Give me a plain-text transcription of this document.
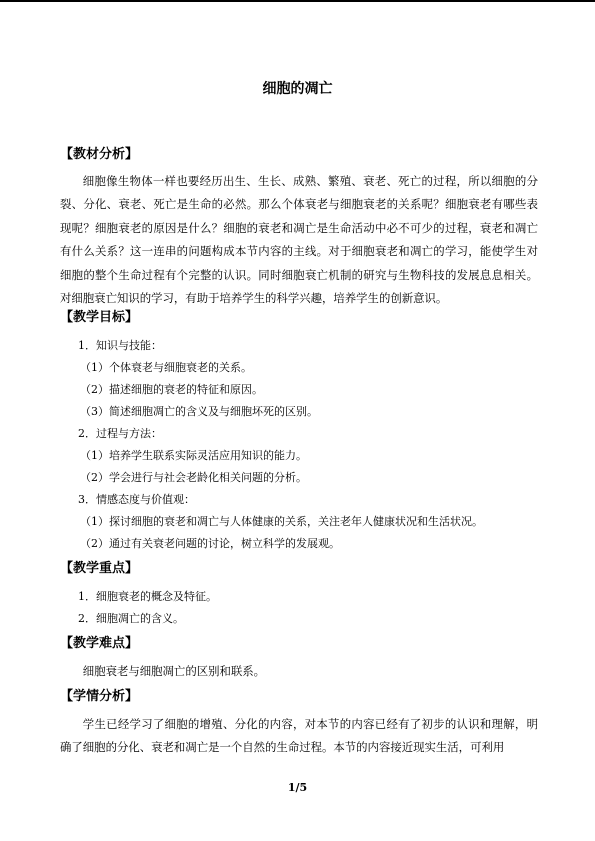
细胞的凋亡
【教材分析】

细胞像生物体一样也要经历出生、生长、成熟、繁殖、衰老、死亡的过程，所以细胞的分裂、分化、衰老、死亡是生命的必然。那么个体衰老与细胞衰老的关系呢？细胞衰老有哪些表现呢？细胞衰老的原因是什么？细胞的衰老和凋亡是生命活动中必不可少的过程，衰老和凋亡有什么关系？这一连串的问题构成本节内容的主线。对于细胞衰老和凋亡的学习，能使学生对细胞的整个生命过程有个完整的认识。同时细胞衰亡机制的研究与生物科技的发展息息相关。对细胞衰亡知识的学习，有助于培养学生的科学兴趣，培养学生的创新意识。

【教学目标】
1．知识与技能：
（1）个体衰老与细胞衰老的关系。
（2）描述细胞的衰老的特征和原因。
（3）简述细胞凋亡的含义及与细胞坏死的区别。
2．过程与方法：
（1）培养学生联系实际灵活应用知识的能力。
（2）学会进行与社会老龄化相关问题的分析。
3．情感态度与价值观：
（1）探讨细胞的衰老和凋亡与人体健康的关系，关注老年人健康状况和生活状况。
（2）通过有关衰老问题的讨论，树立科学的发展观。
【教学重点】
1．细胞衰老的概念及特征。
2．细胞凋亡的含义。
【教学难点】

细胞衰老与细胞凋亡的区别和联系。

【学情分析】

学生已经学习了细胞的增殖、分化的内容，对本节的内容已经有了初步的认识和理解，明确了细胞的分化、衰老和凋亡是一个自然的生命过程。本节的内容接近现实生活，可利用

1/5
